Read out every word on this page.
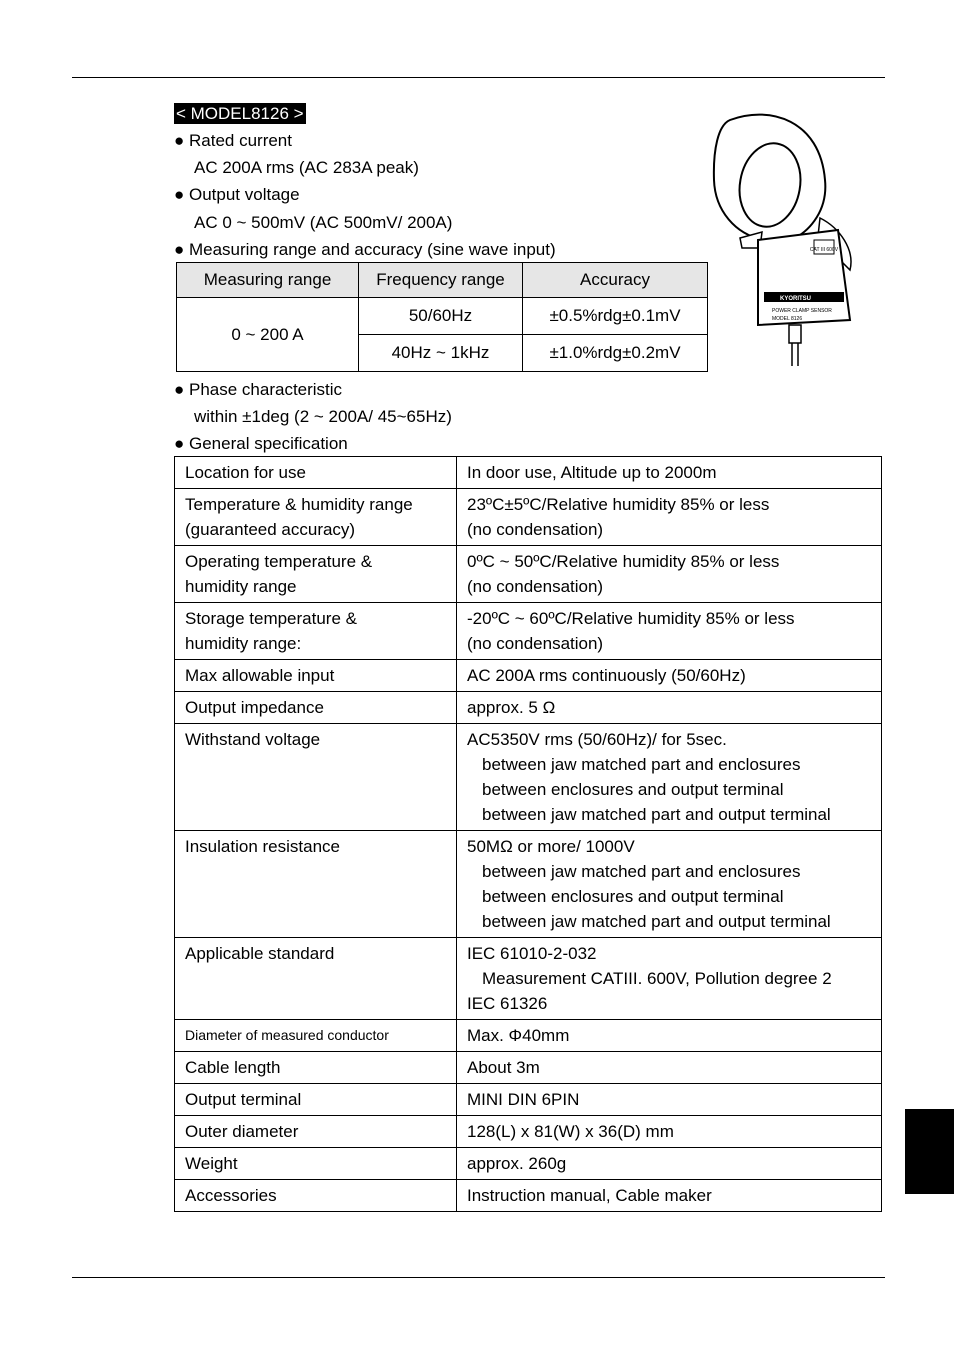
< MODEL8126 >
● Rated current
AC 200A rms (AC 283A peak)
● Output voltage
AC 0 ~ 500mV (AC 500mV/ 200A)
● Measuring range and accuracy (sine wave input)
Measuring range	Frequency range	Accuracy
0 ~ 200 A	50/60Hz	±0.5%rdg±0.1mV
	40Hz ~ 1kHz	±1.0%rdg±0.2mV
● Phase characteristic
within ±1deg (2 ~ 200A/ 45~65Hz)
● General specification
Location for use	In door use, Altitude up to 2000m

Temperature & humidity range
(guaranteed accuracy)	23ºC±5ºC/Relative humidity 85% or less
(no condensation)

Operating temperature &
humidity range	0ºC ~ 50ºC/Relative humidity 85% or less
(no condensation)

Storage temperature &
humidity range:	-20ºC ~ 60ºC/Relative humidity 85% or less
(no condensation)

Max allowable input	AC 200A rms continuously (50/60Hz)
Output impedance	approx. 5 Ω
Withstand voltage	AC5350V rms (50/60Hz)/ for 5sec.
between jaw matched part and enclosures
between enclosures and output terminal
between jaw matched part and output terminal

Insulation resistance	50MΩ or more/ 1000V
between jaw matched part and enclosures
between enclosures and output terminal
between jaw matched part and output terminal

Applicable standard	IEC 61010-2-032
Measurement CATIII. 600V, Pollution degree 2
IEC 61326

Diameter of measured conductor	Max. Φ40mm
Cable length	About 3m
Output terminal	MINI DIN 6PIN
Outer diameter	128(L) x 81(W) x 36(D) mm
Weight	approx. 260g
Accessories	Instruction manual, Cable maker
CAT III 600V
KYORITSU
POWER CLAMP SENSOR
MODEL 8126
CE
